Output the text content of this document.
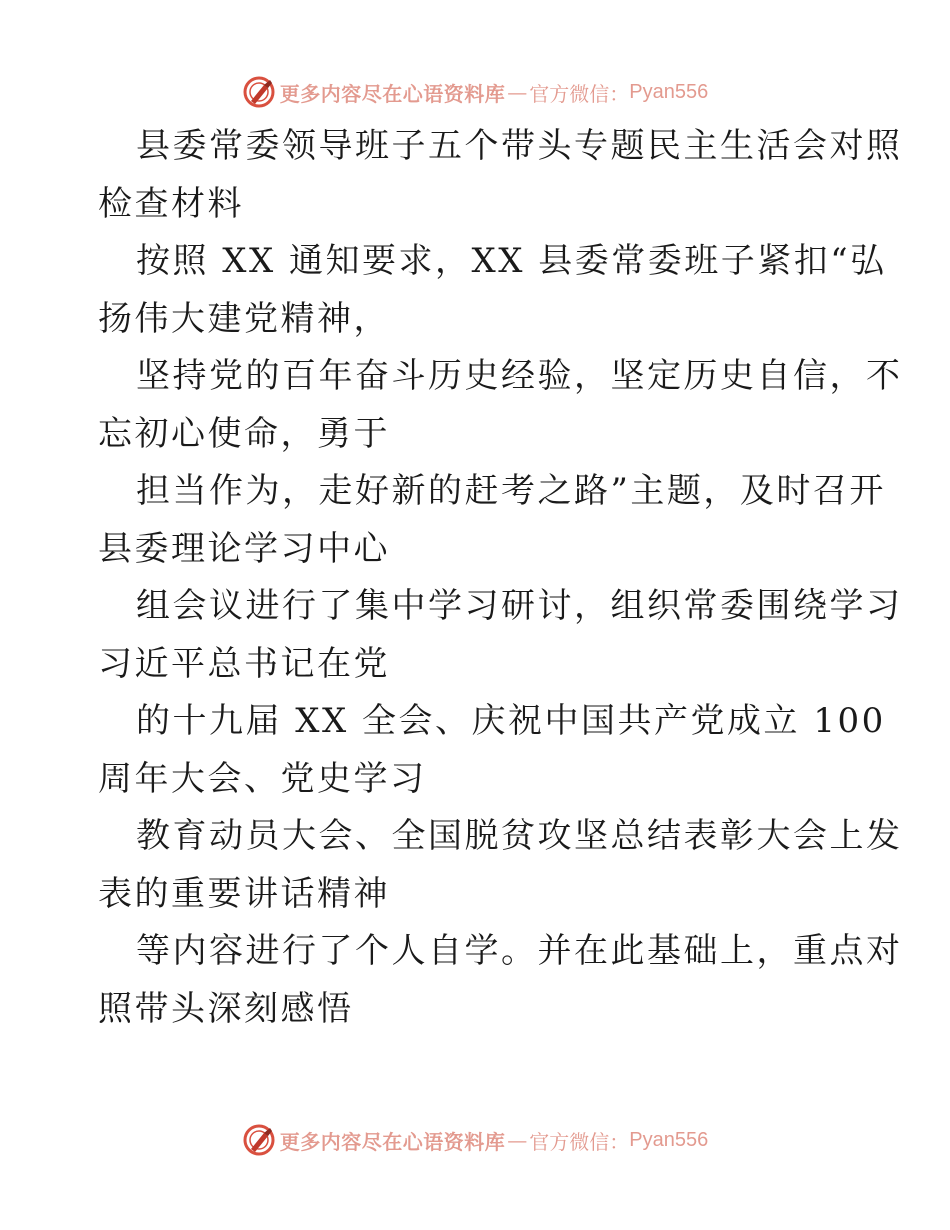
更多内容尽在心语资料库 — 官方微信： Pyan556
县委常委领导班子五个带头专题民主生活会对照
检查材料
按照 XX 通知要求，XX 县委常委班子紧扣“弘
扬伟大建党精神，
坚持党的百年奋斗历史经验，坚定历史自信，不
忘初心使命，勇于
担当作为，走好新的赶考之路”主题，及时召开
县委理论学习中心
组会议进行了集中学习研讨，组织常委围绕学习
习近平总书记在党
的十九届 XX 全会、庆祝中国共产党成立 100
周年大会、党史学习
教育动员大会、全国脱贫攻坚总结表彰大会上发
表的重要讲话精神
等内容进行了个人自学。并在此基础上，重点对
照带头深刻感悟
更多内容尽在心语资料库 — 官方微信： Pyan556
